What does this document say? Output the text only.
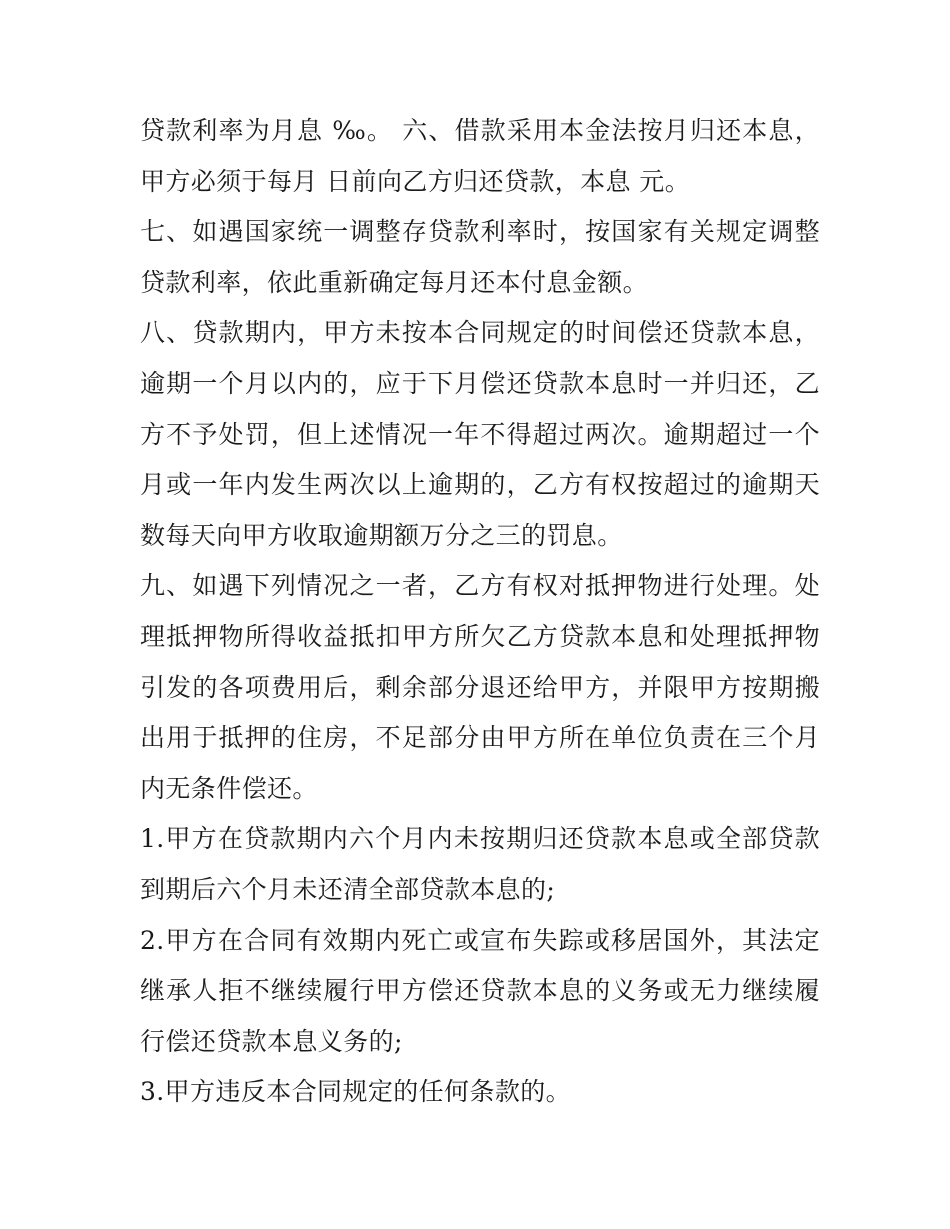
贷款利率为月息 ‰。 六、借款采用本金法按月归还本息，甲方必须于每月 日前向乙方归还贷款，本息 元。

七、如遇国家统一调整存贷款利率时，按国家有关规定调整贷款利率，依此重新确定每月还本付息金额。

八、贷款期内，甲方未按本合同规定的时间偿还贷款本息，逾期一个月以内的，应于下月偿还贷款本息时一并归还，乙方不予处罚，但上述情况一年不得超过两次。逾期超过一个月或一年内发生两次以上逾期的，乙方有权按超过的逾期天数每天向甲方收取逾期额万分之三的罚息。

九、如遇下列情况之一者，乙方有权对抵押物进行处理。处理抵押物所得收益抵扣甲方所欠乙方贷款本息和处理抵押物引发的各项费用后，剩余部分退还给甲方，并限甲方按期搬出用于抵押的住房，不足部分由甲方所在单位负责在三个月内无条件偿还。

1.甲方在贷款期内六个月内未按期归还贷款本息或全部贷款到期后六个月未还清全部贷款本息的;

2.甲方在合同有效期内死亡或宣布失踪或移居国外，其法定继承人拒不继续履行甲方偿还贷款本息的义务或无力继续履行偿还贷款本息义务的;

3.甲方违反本合同规定的任何条款的。
